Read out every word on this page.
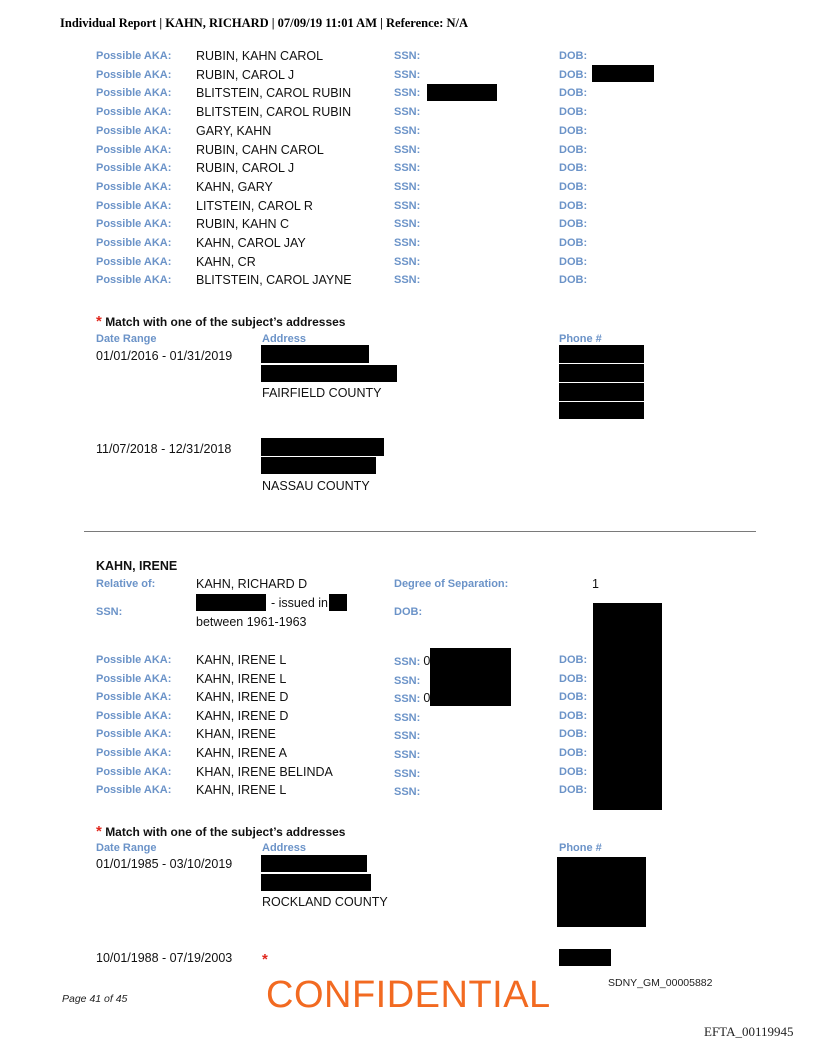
Individual Report | KAHN, RICHARD | 07/09/19 11:01 AM | Reference: N/A
Possible AKA: RUBIN, KAHN CAROL	SSN:	DOB:
Possible AKA: RUBIN, CAROL J	SSN:	DOB:
Possible AKA: BLITSTEIN, CAROL RUBIN	SSN:	DOB:
Possible AKA: BLITSTEIN, CAROL RUBIN	SSN:	DOB:
Possible AKA: GARY, KAHN	SSN:	DOB:
Possible AKA: RUBIN, CAHN CAROL	SSN:	DOB:
Possible AKA: RUBIN, CAROL J	SSN:	DOB:
Possible AKA: KAHN, GARY	SSN:	DOB:
Possible AKA: LITSTEIN, CAROL R	SSN:	DOB:
Possible AKA: RUBIN, KAHN C	SSN:	DOB:
Possible AKA: KAHN, CAROL JAY	SSN:	DOB:
Possible AKA: KAHN, CR	SSN:	DOB:
Possible AKA: BLITSTEIN, CAROL JAYNE	SSN:	DOB:
* Match with one of the subject’s addresses
Date Range	Address	Phone #
01/01/2016 - 01/31/2019
FAIRFIELD COUNTY
11/07/2018 - 12/31/2018
NASSAU COUNTY
KAHN, IRENE
Relative of:	KAHN, RICHARD D	Degree of Separation:	1
SSN:
- issued in
between 1961-1963
DOB:
Possible AKA: KAHN, IRENE L	SSN: 0	DOB:
Possible AKA: KAHN, IRENE L	SSN:	DOB:
Possible AKA: KAHN, IRENE D	SSN: 0	DOB:
Possible AKA: KAHN, IRENE D	SSN:	DOB:
Possible AKA: KHAN, IRENE	SSN:	DOB:
Possible AKA: KAHN, IRENE A	SSN:	DOB:
Possible AKA: KHAN, IRENE BELINDA	SSN:	DOB:
Possible AKA: KAHN, IRENE L	SSN:	DOB:
* Match with one of the subject’s addresses
Date Range	Address	Phone #
01/01/1985 - 03/10/2019
ROCKLAND COUNTY
10/01/1988 - 07/19/2003 *
SDNY_GM_00005882
CONFIDENTIAL
Page 41 of 45
EFTA_00119945
